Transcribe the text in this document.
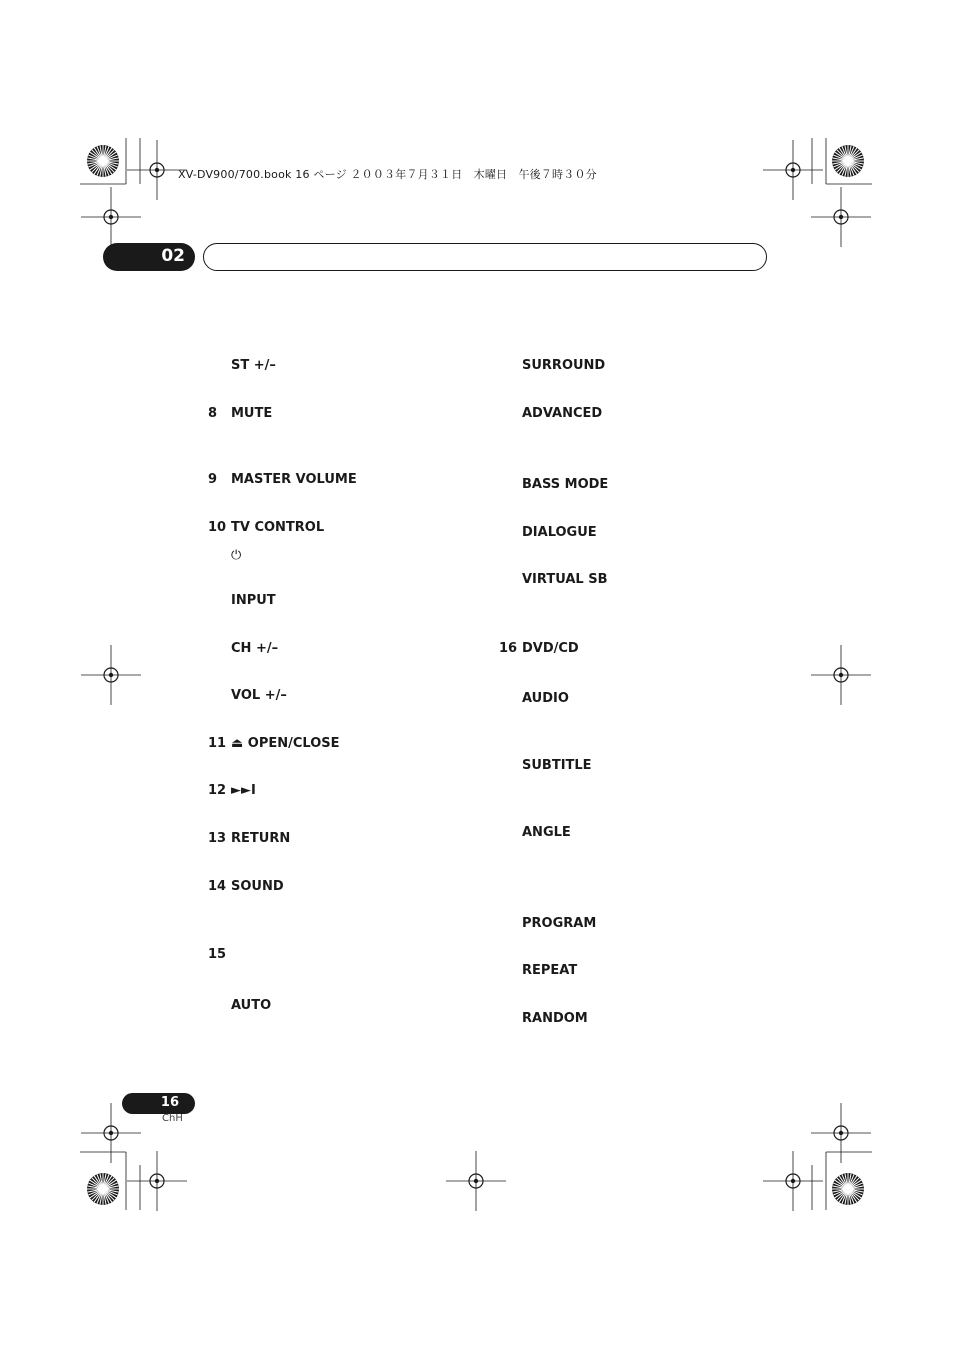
XV-DV900/700.book 16 ページ ２００３年７月３１日　木曜日　午後７時３０分
02
ST +/–
8 MUTE
9 MASTER VOLUME
10 TV CONTROL
⏻
INPUT
CH +/–
VOL +/–
11 ⏏ OPEN/CLOSE
12 ►►I
13 RETURN
14 SOUND
15
AUTO
SURROUND
ADVANCED
BASS MODE
DIALOGUE
VIRTUAL SB
16 DVD/CD
AUDIO
SUBTITLE
ANGLE
PROGRAM
REPEAT
RANDOM
16
ChH
